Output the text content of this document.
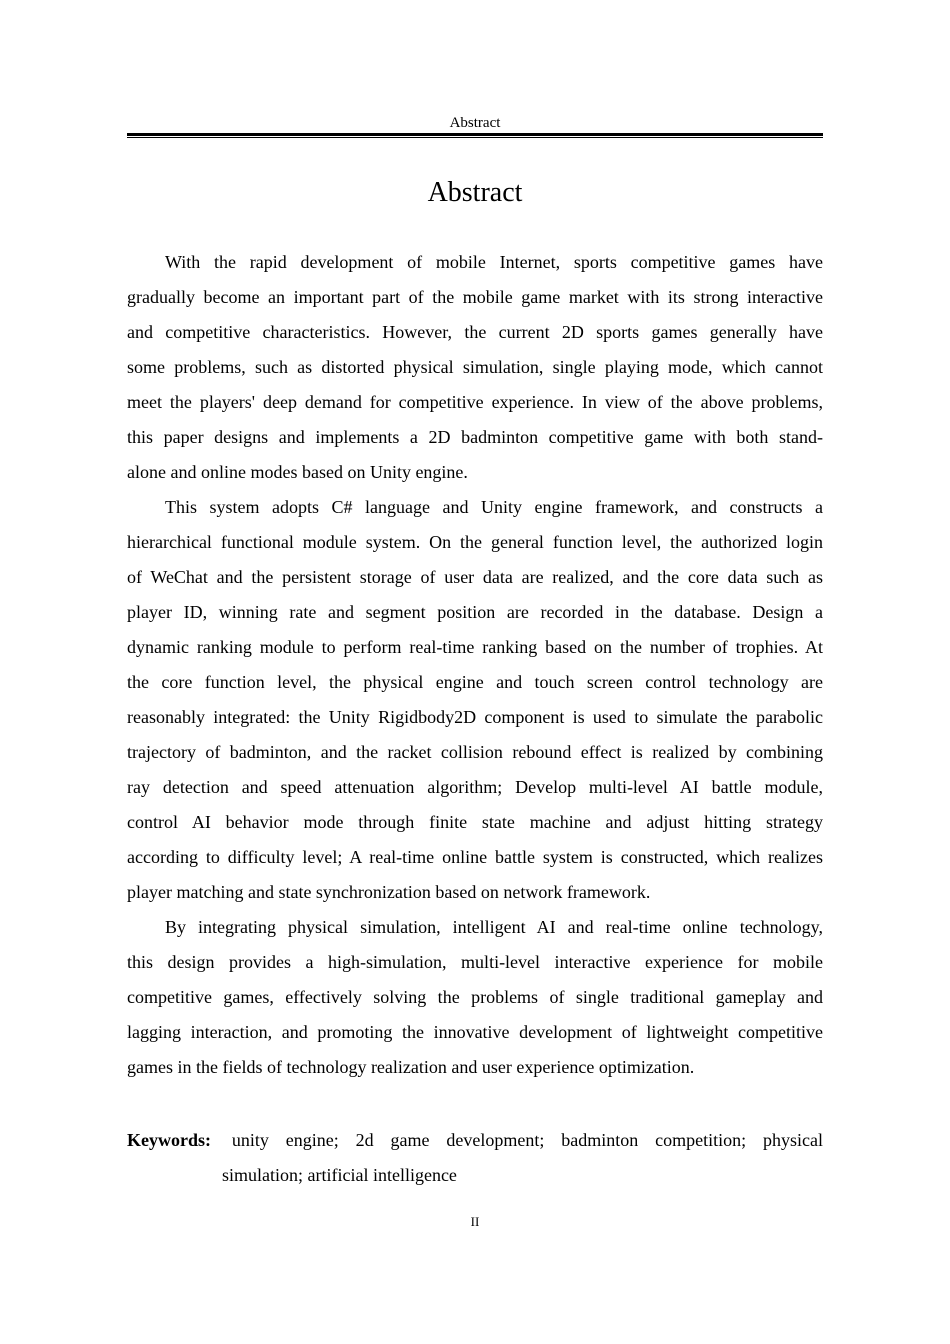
Abstract
Abstract
With the rapid development of mobile Internet, sports competitive games have
gradually become an important part of the mobile game market with its strong interactive
and competitive characteristics. However, the current 2D sports games generally have
some problems, such as distorted physical simulation, single playing mode, which cannot
meet the players' deep demand for competitive experience. In view of the above problems,
this paper designs and implements a 2D badminton competitive game with both stand-
alone and online modes based on Unity engine.
This system adopts C# language and Unity engine framework, and constructs a
hierarchical functional module system. On the general function level, the authorized login
of WeChat and the persistent storage of user data are realized, and the core data such as
player ID, winning rate and segment position are recorded in the database. Design a
dynamic ranking module to perform real-time ranking based on the number of trophies. At
the core function level, the physical engine and touch screen control technology are
reasonably integrated: the Unity Rigidbody2D component is used to simulate the parabolic
trajectory of badminton, and the racket collision rebound effect is realized by combining
ray detection and speed attenuation algorithm; Develop multi-level AI battle module,
control AI behavior mode through finite state machine and adjust hitting strategy
according to difficulty level; A real-time online battle system is constructed, which realizes
player matching and state synchronization based on network framework.
By integrating physical simulation, intelligent AI and real-time online technology,
this design provides a high-simulation, multi-level interactive experience for mobile
competitive games, effectively solving the problems of single traditional gameplay and
lagging interaction, and promoting the innovative development of lightweight competitive
games in the fields of technology realization and user experience optimization.
Keywords: unity engine; 2d game development; badminton competition; physical
simulation; artificial intelligence
II
